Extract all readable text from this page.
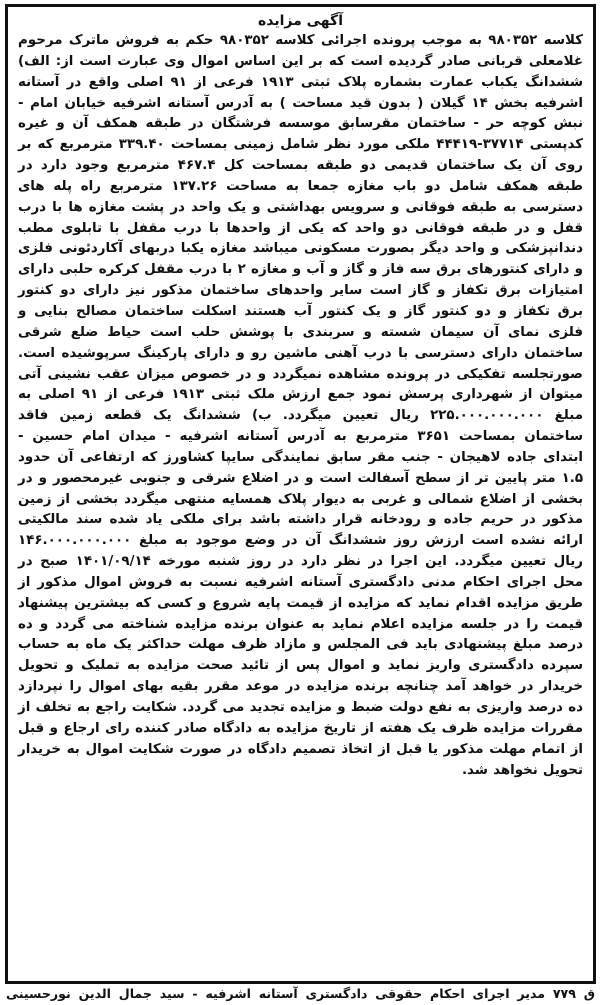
آگهی مزایده
کلاسه ۹۸۰۳۵۲ به موجب پرونده اجرائی کلاسه ۹۸۰۳۵۲ حکم به فروش ماترک مرحوم غلامعلی قربانی صادر گردیده است که بر این اساس اموال وی عبارت است از: الف) ششدانگ یکباب عمارت بشماره پلاک ثبتی ۱۹۱۳ فرعی از ۹۱ اصلی واقع در آستانه اشرفیه بخش ۱۴ گیلان ( بدون قید مساحت ) به آدرس آستانه اشرفیه خیابان امام - نبش کوچه حر - ساختمان مقرسابق موسسه فرشتگان در طبقه همکف آن و غیره کدپستی ۳۷۷۱۴-۴۴۴۱۹ ملکی مورد نظر شامل زمینی بمساحت ۳۳۹.۴۰ مترمربع که بر روی آن یک ساختمان قدیمی دو طبقه بمساحت کل ۴۶۷.۴ مترمربع وجود دارد در طبقه همکف شامل دو باب مغازه جمعا به مساحت ۱۳۷.۲۶ مترمربع راه پله های دسترسی به طبقه فوقانی و سرویس بهداشتی و یک واحد در پشت مغازه ها با درب قفل و در طبقه فوقانی دو واحد که یکی از واحدها با درب مقفل با تابلوی مطب دندانپزشکی و واحد دیگر بصورت مسکونی میباشد مغازه یکبا دربهای آکاردئونی فلزی و دارای کنتورهای برق سه فاز و گاز و آب و مغازه ۲ با درب مقفل کرکره حلبی دارای امتیازات برق تکفاز و گاز است سایر واحدهای ساختمان مذکور نیز دارای دو کنتور برق تکفاز و دو کنتور گاز و یک کنتور آب هستند اسکلت ساختمان مصالح بنایی و فلزی نمای آن سیمان شسته و سربندی با پوشش حلب است حیاط ضلع شرقی ساختمان دارای دسترسی با درب آهنی ماشین رو و دارای پارکینگ سرپوشیده است. صورتجلسه تفکیکی در پرونده مشاهده نمیگردد و در خصوص میزان عقب نشینی آتی میتوان از شهرداری پرسش نمود جمع ارزش ملک ثبتی ۱۹۱۳ فرعی از ۹۱ اصلی به مبلغ ۲۲۵.۰۰۰.۰۰۰.۰۰۰ ریال تعیین میگردد. ب) ششدانگ یک قطعه زمین فاقد ساختمان بمساحت ۳۶۵۱ مترمربع به آدرس آستانه اشرفیه - میدان امام حسین - ابتدای جاده لاهیجان - جنب مقر سابق نمایندگی سایپا کشاورز که ارتفاعی آن حدود ۱.۵ متر پایین تر از سطح آسفالت است و در اضلاع شرقی و جنوبی غیرمحصور و در بخشی از اضلاع شمالی و غربی به دیوار پلاک همسایه منتهی میگردد بخشی از زمین مذکور در حریم جاده و رودخانه قرار داشته باشد برای ملکی یاد شده سند مالکیتی ارائه نشده است ارزش روز ششدانگ آن در وضع موجود به مبلغ ۱۴۶.۰۰۰.۰۰۰.۰۰۰ ریال تعیین میگردد. این اجرا در نظر دارد در روز شنبه مورخه ۱۴۰۱/۰۹/۱۴ صبح در محل اجرای احکام مدنی دادگستری آستانه اشرفیه نسبت به فروش اموال مذکور از طریق مزایده اقدام نماید که مزایده از قیمت پایه شروع و کسی که بیشترین پیشنهاد قیمت را در جلسه مزایده اعلام نماید به عنوان برنده مزایده شناخته می گردد و ده درصد مبلغ پیشنهادی باید فی المجلس و مازاد ظرف مهلت حداکثر یک ماه به حساب سپرده دادگستری واریز نماید و اموال پس از تائید صحت مزایده به تملیک و تحویل خریدار در خواهد آمد چنانچه برنده مزایده در موعد مقرر بقیه بهای اموال را نپردازد ده درصد واریزی به نفع دولت ضبط و مزایده تجدید می گردد. شکایت راجع به تخلف از مقررات مزایده ظرف یک هفته از تاریخ مزایده به دادگاه صادر کننده رای ارجاع و قبل از اتمام مهلت مذکور یا قبل از اتخاذ تصمیم دادگاه در صورت شکایت اموال به خریدار تحویل نخواهد شد.
ق ۷۷۹ مدیر اجرای احکام حقوقی دادگستری آستانه اشرفیه - سید جمال الدین نورحسینی
